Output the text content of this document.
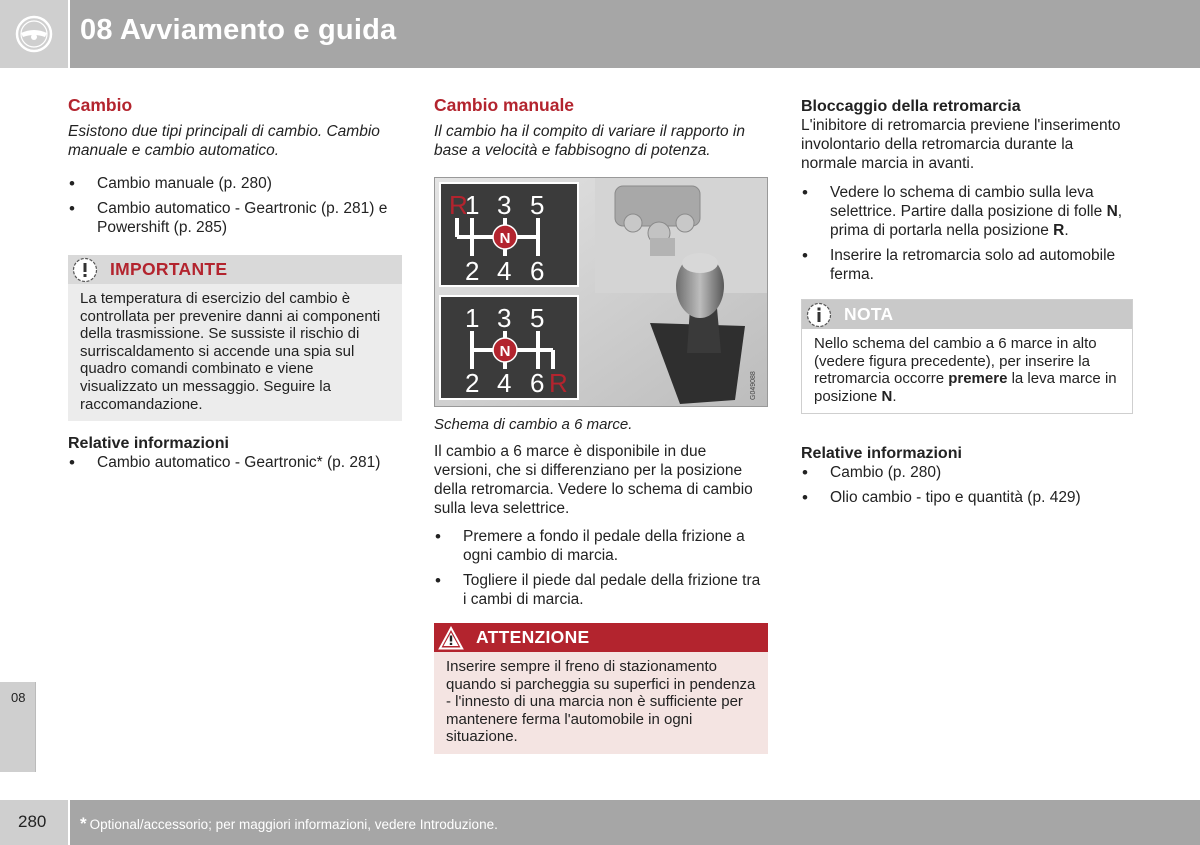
08 Avviamento e guida
08
280 * Optional/accessorio; per maggiori informazioni, vedere Introduzione.
Cambio

Esistono due tipi principali di cambio. Cambio manuale e cambio automatico.

• Cambio manuale (p. 280)
• Cambio automatico - Geartronic (p. 281) e Powershift (p. 285)
IMPORTANTE
La temperatura di esercizio del cambio è controllata per prevenire danni ai componenti della trasmissione. Se sussiste il rischio di surriscaldamento si accende una spia sul quadro comandi combinato e viene visualizzato un messaggio. Seguire la raccomandazione.
Relative informazioni
• Cambio automatico - Geartronic* (p. 281)
Cambio manuale

Il cambio ha il compito di variare il rapporto in base a velocità e fabbisogno di potenza.

R
1 3 5
2 4 6
N
1 3 5
2 4 6 R
N
G049088

Schema di cambio a 6 marce.

Il cambio a 6 marce è disponibile in due versioni, che si differenziano per la posizione della retromarcia. Vedere lo schema di cambio sulla leva selettrice.

• Premere a fondo il pedale della frizione a ogni cambio di marcia.
• Togliere il piede dal pedale della frizione tra i cambi di marcia.
ATTENZIONE
Inserire sempre il freno di stazionamento quando si parcheggia su superfici in pendenza - l'innesto di una marcia non è sufficiente per mantenere ferma l'automobile in ogni situazione.
Bloccaggio della retromarcia

L'inibitore di retromarcia previene l'inserimento involontario della retromarcia durante la normale marcia in avanti.

• Vedere lo schema di cambio sulla leva selettrice. Partire dalla posizione di folle N, prima di portarla nella posizione R.
• Inserire la retromarcia solo ad automobile ferma.
NOTA
Nello schema del cambio a 6 marce in alto (vedere figura precedente), per inserire la retromarcia occorre premere la leva marce in posizione N.
Relative informazioni
• Cambio (p. 280)
• Olio cambio - tipo e quantità (p. 429)
